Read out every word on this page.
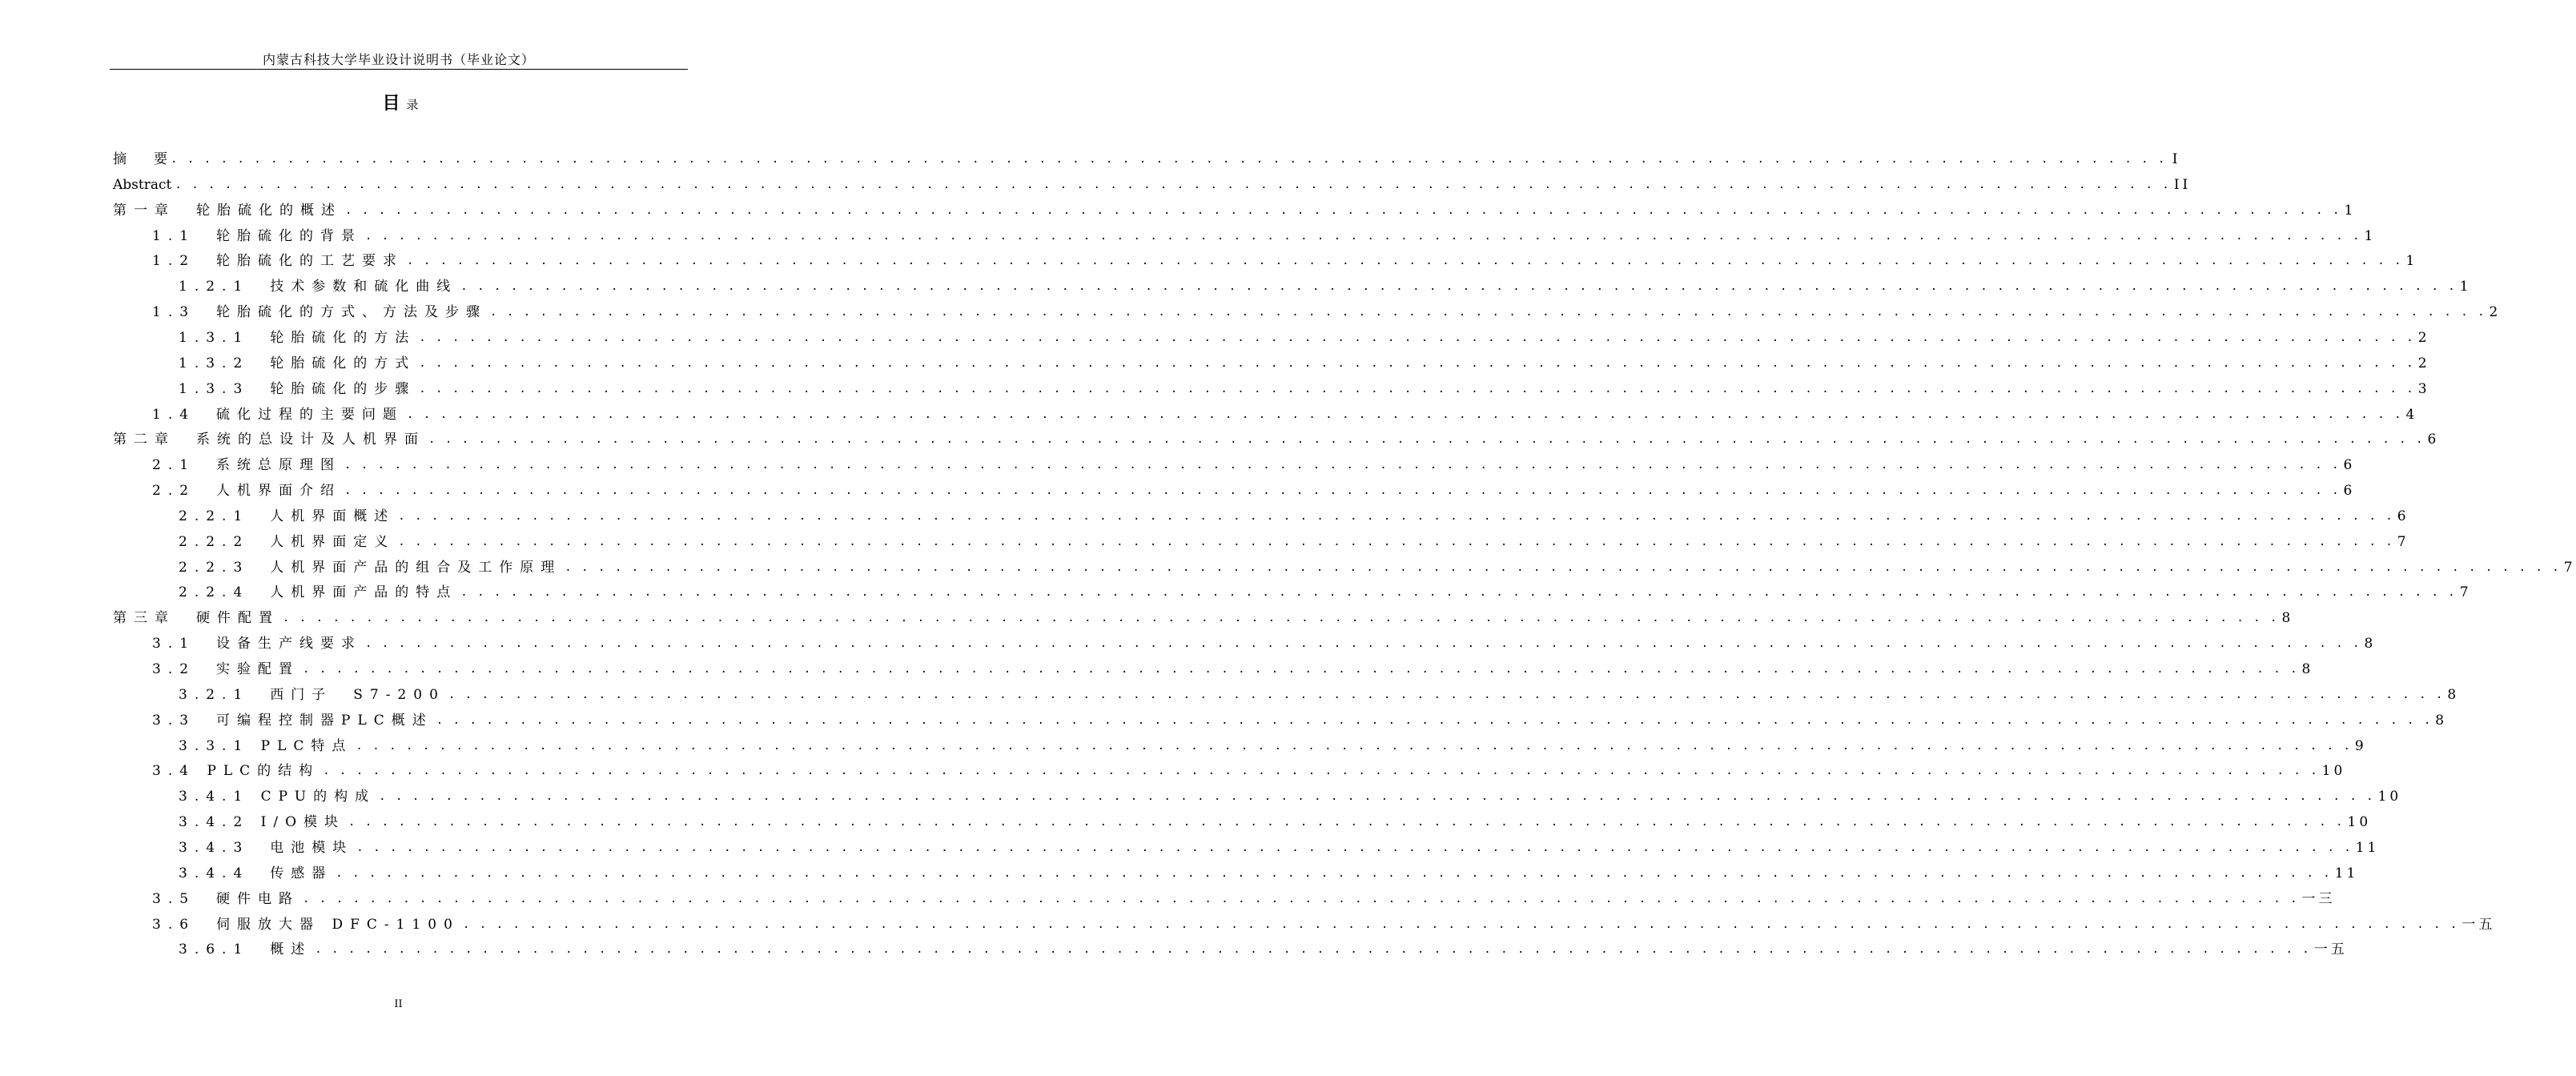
内蒙古科技大学毕业设计说明书（毕业论文）
目 录
摘　　要 . . . . . . . . . . . . . . . . . . . . . . . . . . . . . . . . . . . . . . . . . . . . . . . . . . . . . . . . . . . . . . . . . . . . . . . . . . . . . . . . . . . . . . . . . . . . . . . . . . . . . . . . . . . . . . . . . . . . . . . . I
Abstract . . . . . . . . . . . . . . . . . . . . . . . . . . . . . . . . . . . . . . . . . . . . . . . . . . . . . . . . . . . . . . . . . . . . . . . . . . . . . . . . . . . . . . . . . . . . . . . . . . . . . . . . . . . . . . . . . . . . . . . . II
第一章　轮胎硫化的概述 . . . . . . . . . . . . . . . . . . . . . . . . . . . . . . . . . . . . . . . . . . . . . . . . . . . . . . . . . . . . . . . . . . . . . . . . . . . . . . . . . . . . . . . . . . . . . . . . . . . . . . . . . . . . . . . . . . . . . . . . 1
1.1　轮胎硫化的背景 . . . . . . . . . . . . . . . . . . . . . . . . . . . . . . . . . . . . . . . . . . . . . . . . . . . . . . . . . . . . . . . . . . . . . . . . . . . . . . . . . . . . . . . . . . . . . . . . . . . . . . . . . . . . . . . . . . . . . . . . 1
1.2　轮胎硫化的工艺要求 . . . . . . . . . . . . . . . . . . . . . . . . . . . . . . . . . . . . . . . . . . . . . . . . . . . . . . . . . . . . . . . . . . . . . . . . . . . . . . . . . . . . . . . . . . . . . . . . . . . . . . . . . . . . . . . . . . . . . . . . 1
1.2.1　技术参数和硫化曲线 . . . . . . . . . . . . . . . . . . . . . . . . . . . . . . . . . . . . . . . . . . . . . . . . . . . . . . . . . . . . . . . . . . . . . . . . . . . . . . . . . . . . . . . . . . . . . . . . . . . . . . . . . . . . . . . . . . . . . . . . 1
1.3　轮胎硫化的方式、方法及步骤 . . . . . . . . . . . . . . . . . . . . . . . . . . . . . . . . . . . . . . . . . . . . . . . . . . . . . . . . . . . . . . . . . . . . . . . . . . . . . . . . . . . . . . . . . . . . . . . . . . . . . . . . . . . . . . . . . . . . . . . . 2
1.3.1　轮胎硫化的方法 . . . . . . . . . . . . . . . . . . . . . . . . . . . . . . . . . . . . . . . . . . . . . . . . . . . . . . . . . . . . . . . . . . . . . . . . . . . . . . . . . . . . . . . . . . . . . . . . . . . . . . . . . . . . . . . . . . . . . . . . 2
1.3.2　轮胎硫化的方式 . . . . . . . . . . . . . . . . . . . . . . . . . . . . . . . . . . . . . . . . . . . . . . . . . . . . . . . . . . . . . . . . . . . . . . . . . . . . . . . . . . . . . . . . . . . . . . . . . . . . . . . . . . . . . . . . . . . . . . . . 2
1.3.3　轮胎硫化的步骤 . . . . . . . . . . . . . . . . . . . . . . . . . . . . . . . . . . . . . . . . . . . . . . . . . . . . . . . . . . . . . . . . . . . . . . . . . . . . . . . . . . . . . . . . . . . . . . . . . . . . . . . . . . . . . . . . . . . . . . . . 3
1.4　硫化过程的主要问题 . . . . . . . . . . . . . . . . . . . . . . . . . . . . . . . . . . . . . . . . . . . . . . . . . . . . . . . . . . . . . . . . . . . . . . . . . . . . . . . . . . . . . . . . . . . . . . . . . . . . . . . . . . . . . . . . . . . . . . . . 4
第二章　系统的总设计及人机界面 . . . . . . . . . . . . . . . . . . . . . . . . . . . . . . . . . . . . . . . . . . . . . . . . . . . . . . . . . . . . . . . . . . . . . . . . . . . . . . . . . . . . . . . . . . . . . . . . . . . . . . . . . . . . . . . . . . . . . . . . 6
2.1　系统总原理图 . . . . . . . . . . . . . . . . . . . . . . . . . . . . . . . . . . . . . . . . . . . . . . . . . . . . . . . . . . . . . . . . . . . . . . . . . . . . . . . . . . . . . . . . . . . . . . . . . . . . . . . . . . . . . . . . . . . . . . . . 6
2.2　人机界面介绍 . . . . . . . . . . . . . . . . . . . . . . . . . . . . . . . . . . . . . . . . . . . . . . . . . . . . . . . . . . . . . . . . . . . . . . . . . . . . . . . . . . . . . . . . . . . . . . . . . . . . . . . . . . . . . . . . . . . . . . . . 6
2.2.1　人机界面概述 . . . . . . . . . . . . . . . . . . . . . . . . . . . . . . . . . . . . . . . . . . . . . . . . . . . . . . . . . . . . . . . . . . . . . . . . . . . . . . . . . . . . . . . . . . . . . . . . . . . . . . . . . . . . . . . . . . . . . . . . 6
2.2.2　人机界面定义 . . . . . . . . . . . . . . . . . . . . . . . . . . . . . . . . . . . . . . . . . . . . . . . . . . . . . . . . . . . . . . . . . . . . . . . . . . . . . . . . . . . . . . . . . . . . . . . . . . . . . . . . . . . . . . . . . . . . . . . . 7
2.2.3　人机界面产品的组合及工作原理 . . . . . . . . . . . . . . . . . . . . . . . . . . . . . . . . . . . . . . . . . . . . . . . . . . . . . . . . . . . . . . . . . . . . . . . . . . . . . . . . . . . . . . . . . . . . . . . . . . . . . . . . . . . . . . . . . . . . . . . . 7
2.2.4　人机界面产品的特点 . . . . . . . . . . . . . . . . . . . . . . . . . . . . . . . . . . . . . . . . . . . . . . . . . . . . . . . . . . . . . . . . . . . . . . . . . . . . . . . . . . . . . . . . . . . . . . . . . . . . . . . . . . . . . . . . . . . . . . . . 7
第三章　硬件配置 . . . . . . . . . . . . . . . . . . . . . . . . . . . . . . . . . . . . . . . . . . . . . . . . . . . . . . . . . . . . . . . . . . . . . . . . . . . . . . . . . . . . . . . . . . . . . . . . . . . . . . . . . . . . . . . . . . . . . . . . 8
3.1　设备生产线要求 . . . . . . . . . . . . . . . . . . . . . . . . . . . . . . . . . . . . . . . . . . . . . . . . . . . . . . . . . . . . . . . . . . . . . . . . . . . . . . . . . . . . . . . . . . . . . . . . . . . . . . . . . . . . . . . . . . . . . . . . 8
3.2　实验配置 . . . . . . . . . . . . . . . . . . . . . . . . . . . . . . . . . . . . . . . . . . . . . . . . . . . . . . . . . . . . . . . . . . . . . . . . . . . . . . . . . . . . . . . . . . . . . . . . . . . . . . . . . . . . . . . . . . . . . . . . 8
3.2.1　西门子　S7-200 . . . . . . . . . . . . . . . . . . . . . . . . . . . . . . . . . . . . . . . . . . . . . . . . . . . . . . . . . . . . . . . . . . . . . . . . . . . . . . . . . . . . . . . . . . . . . . . . . . . . . . . . . . . . . . . . . . . . . . . . 8
3.3　可编程控制器PLC概述 . . . . . . . . . . . . . . . . . . . . . . . . . . . . . . . . . . . . . . . . . . . . . . . . . . . . . . . . . . . . . . . . . . . . . . . . . . . . . . . . . . . . . . . . . . . . . . . . . . . . . . . . . . . . . . . . . . . . . . . . 8
3.3.1 PLC特点 . . . . . . . . . . . . . . . . . . . . . . . . . . . . . . . . . . . . . . . . . . . . . . . . . . . . . . . . . . . . . . . . . . . . . . . . . . . . . . . . . . . . . . . . . . . . . . . . . . . . . . . . . . . . . . . . . . . . . . . . 9
3.4 PLC的结构 . . . . . . . . . . . . . . . . . . . . . . . . . . . . . . . . . . . . . . . . . . . . . . . . . . . . . . . . . . . . . . . . . . . . . . . . . . . . . . . . . . . . . . . . . . . . . . . . . . . . . . . . . . . . . . . . . . . . . . . . 10
3.4.1 CPU的构成 . . . . . . . . . . . . . . . . . . . . . . . . . . . . . . . . . . . . . . . . . . . . . . . . . . . . . . . . . . . . . . . . . . . . . . . . . . . . . . . . . . . . . . . . . . . . . . . . . . . . . . . . . . . . . . . . . . . . . . . . 10
3.4.2 I/O模块 . . . . . . . . . . . . . . . . . . . . . . . . . . . . . . . . . . . . . . . . . . . . . . . . . . . . . . . . . . . . . . . . . . . . . . . . . . . . . . . . . . . . . . . . . . . . . . . . . . . . . . . . . . . . . . . . . . . . . . . . 10
3.4.3　电池模块 . . . . . . . . . . . . . . . . . . . . . . . . . . . . . . . . . . . . . . . . . . . . . . . . . . . . . . . . . . . . . . . . . . . . . . . . . . . . . . . . . . . . . . . . . . . . . . . . . . . . . . . . . . . . . . . . . . . . . . . . 11
3.4.4　传感器 . . . . . . . . . . . . . . . . . . . . . . . . . . . . . . . . . . . . . . . . . . . . . . . . . . . . . . . . . . . . . . . . . . . . . . . . . . . . . . . . . . . . . . . . . . . . . . . . . . . . . . . . . . . . . . . . . . . . . . . . 11
3.5　硬件电路 . . . . . . . . . . . . . . . . . . . . . . . . . . . . . . . . . . . . . . . . . . . . . . . . . . . . . . . . . . . . . . . . . . . . . . . . . . . . . . . . . . . . . . . . . . . . . . . . . . . . . . . . . . . . . . . . . . . . . . . . 一三
3.6　伺服放大器 DFC-1100 . . . . . . . . . . . . . . . . . . . . . . . . . . . . . . . . . . . . . . . . . . . . . . . . . . . . . . . . . . . . . . . . . . . . . . . . . . . . . . . . . . . . . . . . . . . . . . . . . . . . . . . . . . . . . . . . . . . . . . . . 一五
3.6.1　概述 . . . . . . . . . . . . . . . . . . . . . . . . . . . . . . . . . . . . . . . . . . . . . . . . . . . . . . . . . . . . . . . . . . . . . . . . . . . . . . . . . . . . . . . . . . . . . . . . . . . . . . . . . . . . . . . . . . . . . . . . 一五
II
